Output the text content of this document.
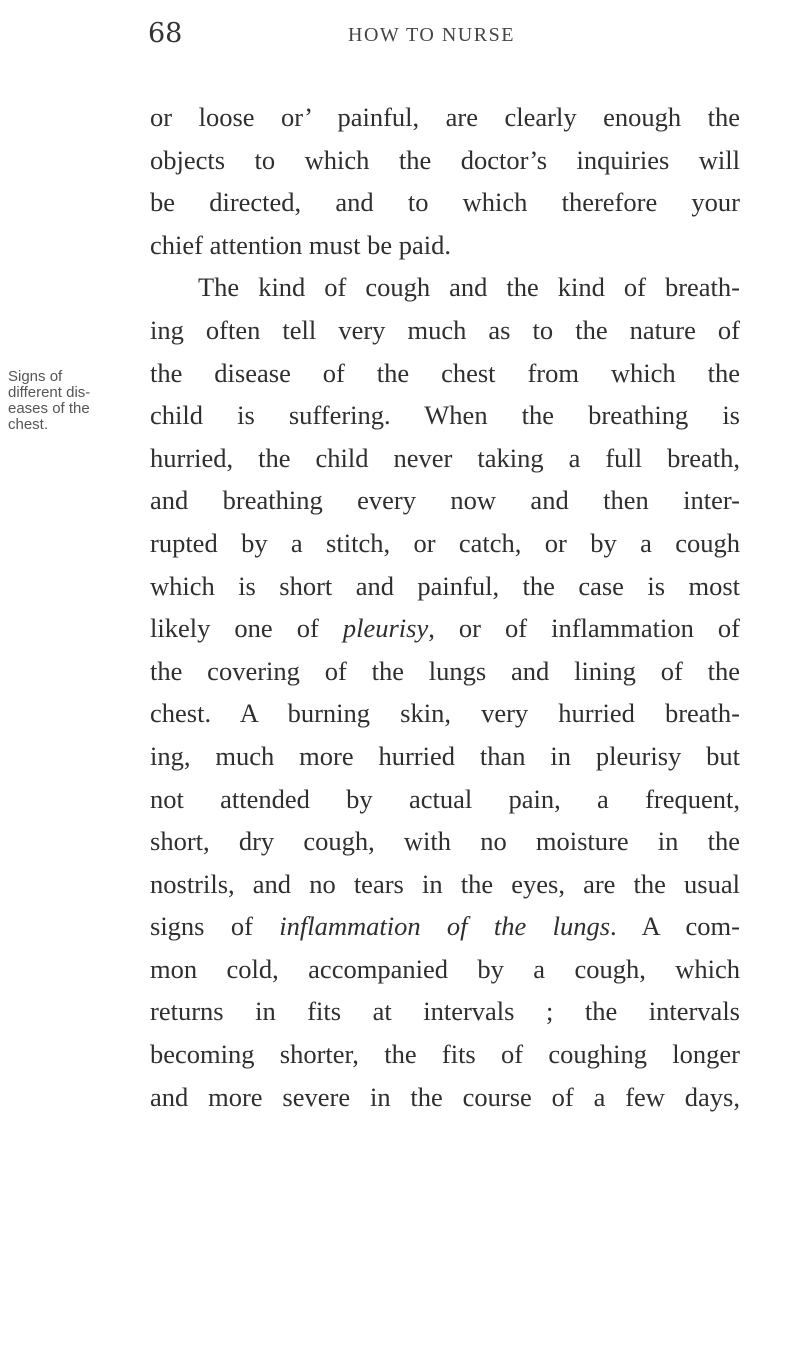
68	HOW TO NURSE
Signs of
different dis-
eases of the
chest.
or loose or’ painful, are clearly enough the
objects to which the doctor’s inquiries will
be directed, and to which therefore your
chief attention must be paid.
The kind of cough and the kind of breath-
ing often tell very much as to the nature of
the disease of the chest from which the
child is suffering. When the breathing is
hurried, the child never taking a full breath,
and breathing every now and then inter-
rupted by a stitch, or catch, or by a cough
which is short and painful, the case is most
likely one of pleurisy, or of inflammation of
the covering of the lungs and lining of the
chest. A burning skin, very hurried breath-
ing, much more hurried than in pleurisy but
not attended by actual pain, a frequent,
short, dry cough, with no moisture in the
nostrils, and no tears in the eyes, are the usual
signs of inflammation of the lungs. A com-
mon cold, accompanied by a cough, which
returns in fits at intervals ; the intervals
becoming shorter, the fits of coughing longer
and more severe in the course of a few days,
